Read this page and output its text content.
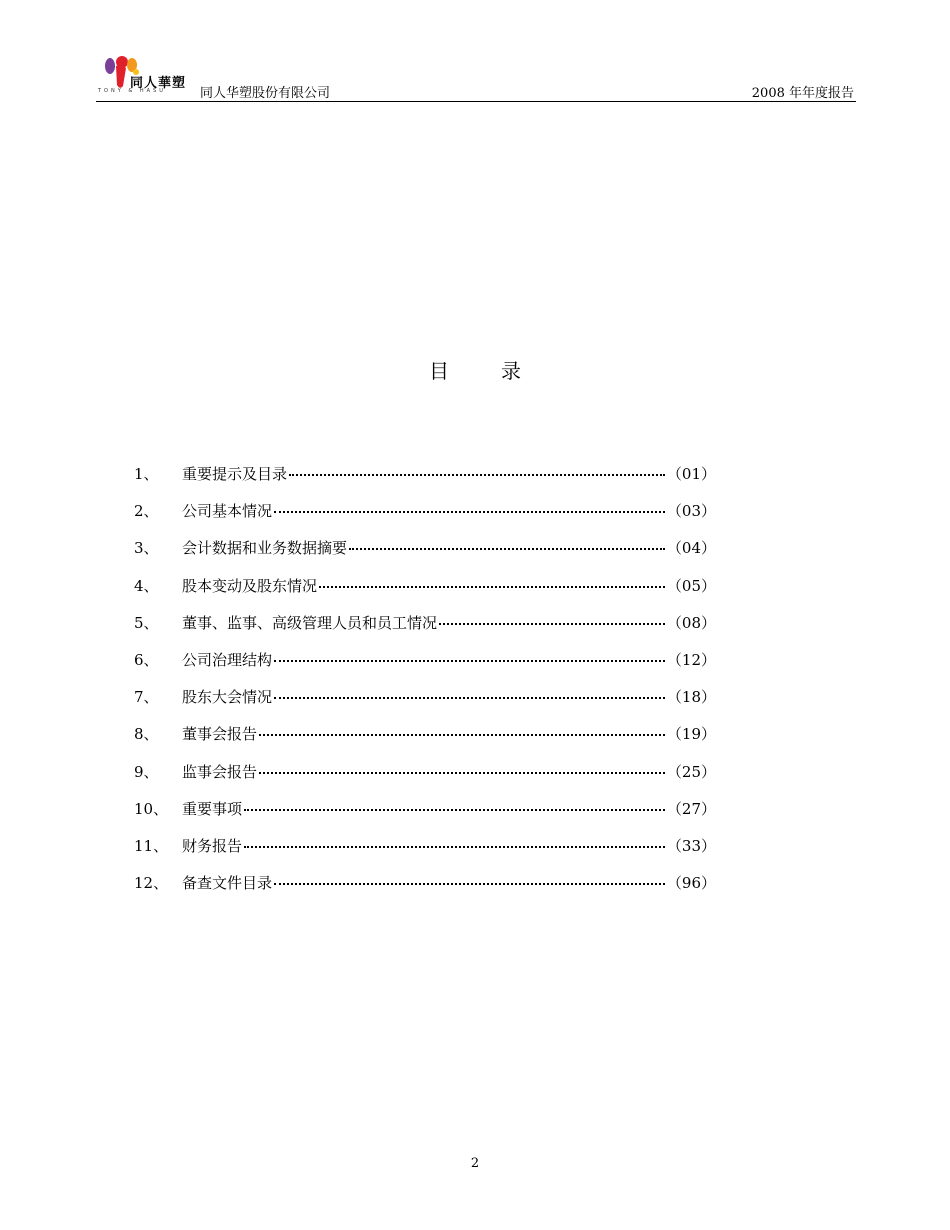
同人華塑
TONY & HASU	同人华塑股份有限公司	2008 年年度报告
目	录
1、 重要提示及目录	（01）
2、 公司基本情况	（03）
3、 会计数据和业务数据摘要	（04）
4、 股本变动及股东情况	（05）
5、 董事、监事、高级管理人员和员工情况	（08）
6、 公司治理结构	（12）
7、 股东大会情况	（18）
8、 董事会报告	（19）
9、 监事会报告	（25）
10、 重要事项	（27）
11、 财务报告	（33）
12、 备查文件目录	（96）
2
